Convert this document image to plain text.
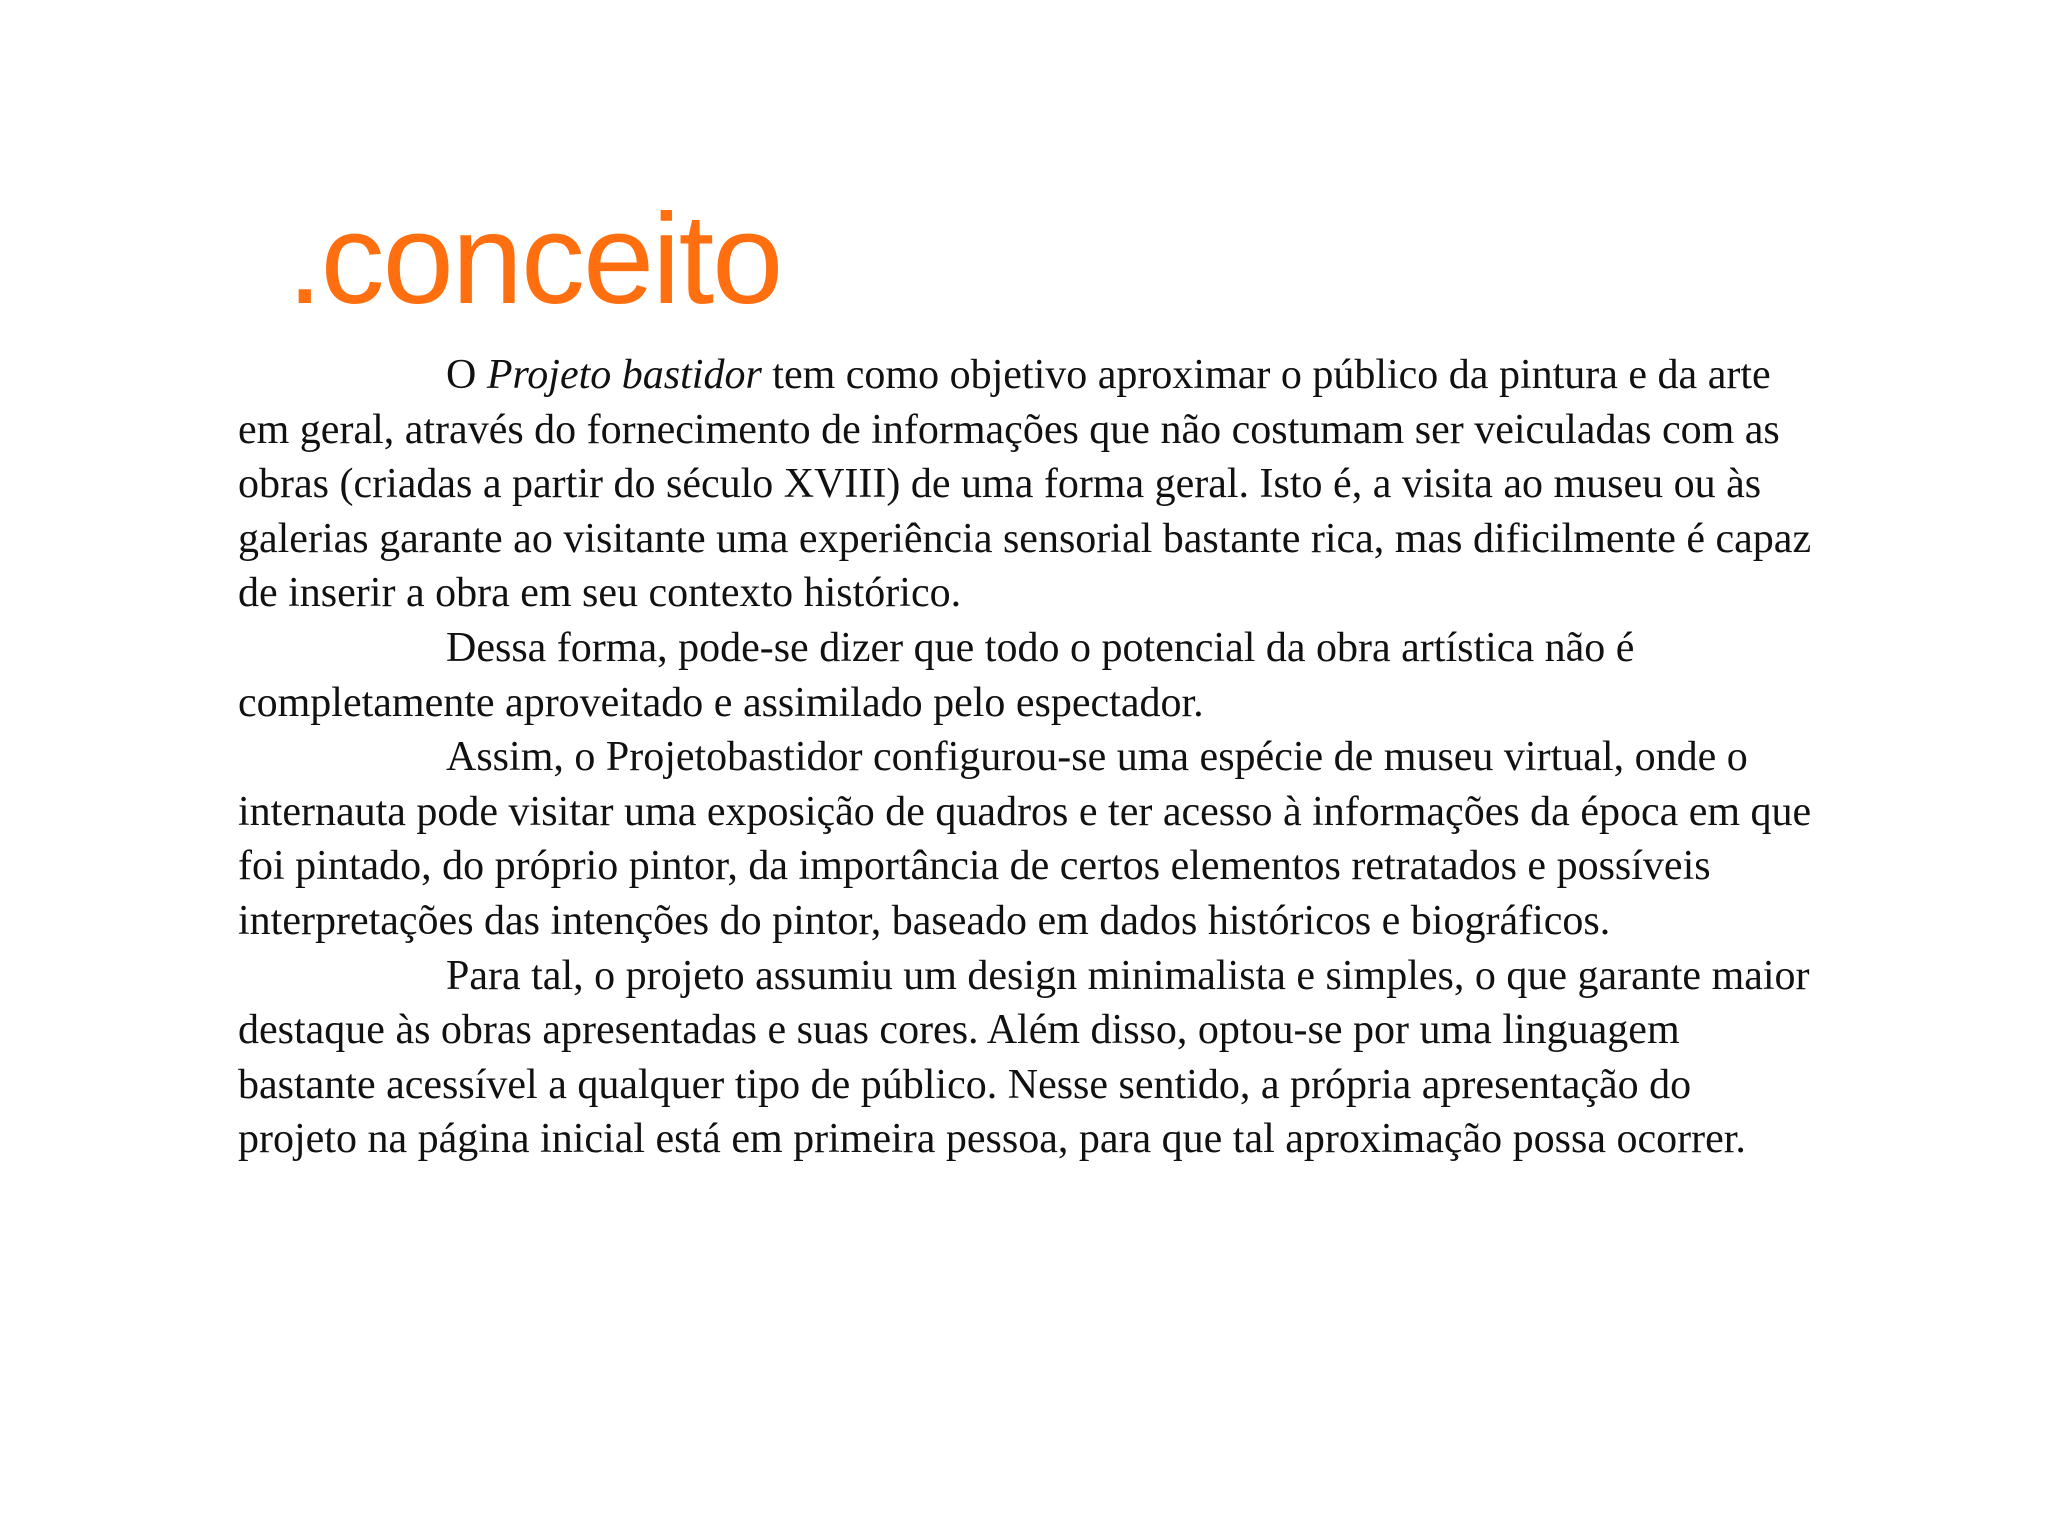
.conceito

O Projeto bastidor tem como objetivo aproximar o público da pintura e da arte em geral, através do fornecimento de informações que não costumam ser veiculadas com as obras (criadas a partir do século XVIII) de uma forma geral. Isto é, a visita ao museu ou às galerias garante ao visitante uma experiência sensorial bastante rica, mas dificilmente é capaz de inserir a obra em seu contexto histórico.

Dessa forma, pode-se dizer que todo o potencial da obra artística não é completamente aproveitado e assimilado pelo espectador.

Assim, o Projetobastidor configurou-se uma espécie de museu virtual, onde o internauta pode visitar uma exposição de quadros e ter acesso à informações da época em que foi pintado, do próprio pintor, da importância de certos elementos retratados e possíveis interpretações das intenções do pintor, baseado em dados históricos e biográficos.

Para tal, o projeto assumiu um design minimalista e simples, o que garante maior destaque às obras apresentadas e suas cores. Além disso, optou-se por uma linguagem bastante acessível a qualquer tipo de público. Nesse sentido, a própria apresentação do projeto na página inicial está em primeira pessoa, para que tal aproximação possa ocorrer.
